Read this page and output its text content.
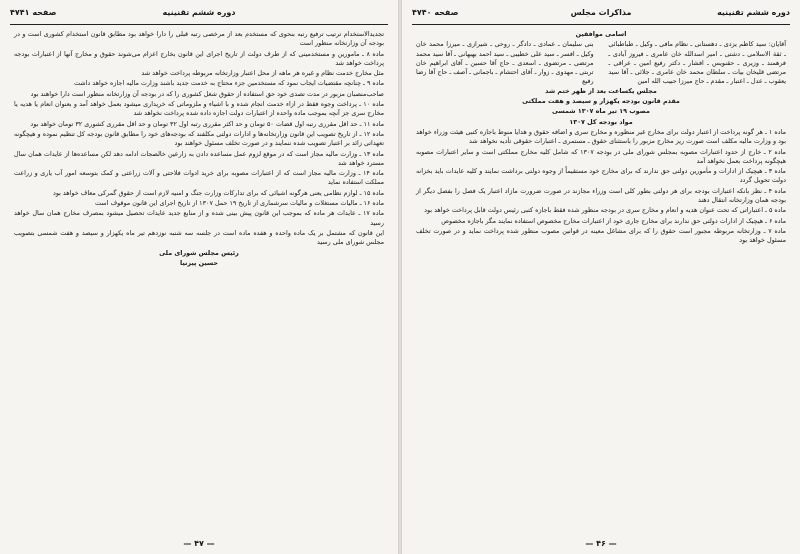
صفحه ۴۷۴۱	دوره ششم تقنینیه

تجدیدالاستخدام ترتیب ترفیع رتبه بنحوی که مستخدم بعد از مرخصی رتبه قبلی را دارا خواهد بود مطابق قانون استخدام کشوری است و در بودجه آن وزارتخانه منظور است

ماده ۸ ـ مامورین و مستخدمینی که از طرف دولت از تاریخ اجرای این قانون بخارج اعزام می‌شوند حقوق و مخارج آنها از اعتبارات بودجه پرداخت خواهد شد

مثل مخارج خدمت نظام و غیره هر ماهه از محل اعتبار وزارتخانه مربوطه پرداخت خواهد شد

ماده ۹ ـ چنانچه مقتضیات ایجاب نمود که مستخدمین جزء محتاج به خدمت جدید باشند وزارت مالیه اجازه خواهد داشت

صاحب‌منصبان مزبور در مدت تصدی خود حق استفاده از حقوق شغل کشوری را که در بودجه آن وزارتخانه منظور است دارا خواهند بود

ماده ۱۰ ـ پرداخت وجوه فقط در ازاء خدمت انجام شده و با اشیاء و ملزوماتی که خریداری میشود بعمل خواهد آمد و بعنوان انعام یا هدیه یا مخارج سری جز آنچه بموجب ماده واحده از اعتبارات دولت اجازه داده شده پرداخت نخواهد شد

ماده ۱۱ ـ حد اقل مقرری رتبه اول قضات ۵۰ تومان و حد اکثر مقرری رتبه اول ۳۲ تومان و حد اقل مقرری کشوری ۳۲ تومان خواهد بود

ماده ۱۲ ـ از تاریخ تصویب این قانون وزارتخانه‌ها و ادارات دولتی مکلفند که بودجه‌های خود را مطابق قانون بودجه کل تنظیم نموده و هیچگونه تعهداتی زائد بر اعتبار تصویب شده ننمایند و در صورت تخلف مسئول خواهند بود

ماده ۱۳ ـ وزارت مالیه مجاز است که در موقع لزوم عمل مساعده دادن به زارعین خالصجات ادامه دهد لکن مساعده‌ها از عایدات همان سال مسترد خواهد شد

ماده ۱۴ ـ وزارت مالیه مجاز است که از اعتبارات مصوبه برای خرید ادوات فلاحتی و آلات زراعتی و کمک بتوسعه امور آب یاری و زراعت مملکت استفاده نماید

ماده ۱۵ ـ لوازم نظامی یعنی هرگونه اشیائی که برای تدارکات وزارت جنگ و امنیه لازم است از حقوق گمرکی معاف خواهد بود

ماده ۱۶ ـ مالیات مستغلات و مالیات سرشماری از تاریخ ۱۹ حمل ۱۳۰۷ از تاریخ اجرای این قانون موقوف است

ماده ۱۷ ـ عایدات هر ماده که بموجب این قانون پیش بینی شده و از منابع جدید عایدات تحصیل میشود بمصرف مخارج همان سال خواهد رسید

این قانون که مشتمل بر یک ماده واحده و هفده ماده است در جلسه سه شنبه نوزدهم تیر ماه یکهزار و سیصد و هفت شمسی بتصویب مجلس شورای ملی رسید

رئیس مجلس شورای ملی

حسین پیرنیا

— ۴۷ —
صفحه ۴۷۴۰	مذاکرات مجلس	دوره ششم تقنینیه

اسامی موافقین

آقایان: سید کاظم یزدی ـ دهستانی ـ نظام مافی ـ وکیل ـ طباطبائی ـ ثقة الاسلامی ـ دشتی ـ امیر اسدالله خان عامری ـ فیروز آبادی ـ فرهمند ـ وزیری ـ حقنویس ـ افشار ـ دکتر رفیع امین ـ عراقی ـ مرتضی قلیخان بیات ـ سلطان محمد خان عامری ـ جلائی ـ آقا سید یعقوب ـ عدل ـ اعتبار ـ مقدم ـ حاج میرزا حبیب الله امین
بنی سلیمان ـ عمادی ـ دادگر ـ روحی ـ شیرازی ـ میرزا محمد خان وکیل ـ افسر ـ سید علی خطیبی ـ سید احمد بهبهانی ـ آقا سید محمد مرتضی ـ مرتضوی ـ اسعدی ـ حاج آقا حسین ـ آقای ابراهیم خان تربتی ـ مهدوی ـ زوار ـ آقای احتشام ـ باجمانی ـ آصف ـ حاج آقا رضا رفیع

مجلس یکساعت بعد از ظهر ختم شد

مقدم قانون بودجه یکهزار و سیصد و هفت مملکتی

مصوب ۱۹ تیر ماه ۱۳۰۷ شمسی

مواد بودجه کل ۱۳۰۷

ماده ۱ ـ هر گونه پرداخت از اعتبار دولت برای مخارج غیر منظوره و مخارج سری و اضافه حقوق و هدایا منوط باجازه کتبی هیئت وزراء خواهد بود و وزارت مالیه مکلف است صورت ریز مخارج مزبور را باستثنای حقوق ـ مستمری ـ اعتبارات حقوقی تأدیه نخواهد شد

ماده ۲ ـ خارج از حدود اعتبارات مصوبه بمجلس شورای ملی در بودجه ۱۳۰۷ که شامل کلیه مخارج مملکتی است و سایر اعتبارات مصوبه هیچگونه پرداخت بعمل نخواهد آمد

ماده ۳ ـ هیچیک از ادارات و مأمورین دولتی حق ندارند که برای مخارج خود مستقیماً از وجوه دولتی برداشت نمایند و کلیه عایدات باید بخزانه دولت تحویل گردد

ماده ۴ ـ نظر بانکه اعتبارات بودجه برای هر دولتی بطور کلی است وزراء مجازند در صورت ضرورت مازاد اعتبار یک فصل را بفصل دیگر از بودجه همان وزارتخانه انتقال دهند

ماده ۵ ـ اعتباراتی که تحت عنوان هدیه و انعام و مخارج سری در بودجه منظور شده فقط باجازه کتبی رئیس دولت قابل پرداخت خواهد بود

ماده ۶ ـ هیچیک از ادارات دولتی حق ندارند برای مخارج جاری خود از اعتبارات مخارج مخصوص استفاده نمایند مگر باجازه مخصوص

ماده ۷ ـ وزارتخانه مربوطه مجبور است حقوق را که برای مشاغل معینه در قوانین مصوب منظور شده پرداخت نماید و در صورت تخلف مسئول خواهد بود

— ۴۶ —
